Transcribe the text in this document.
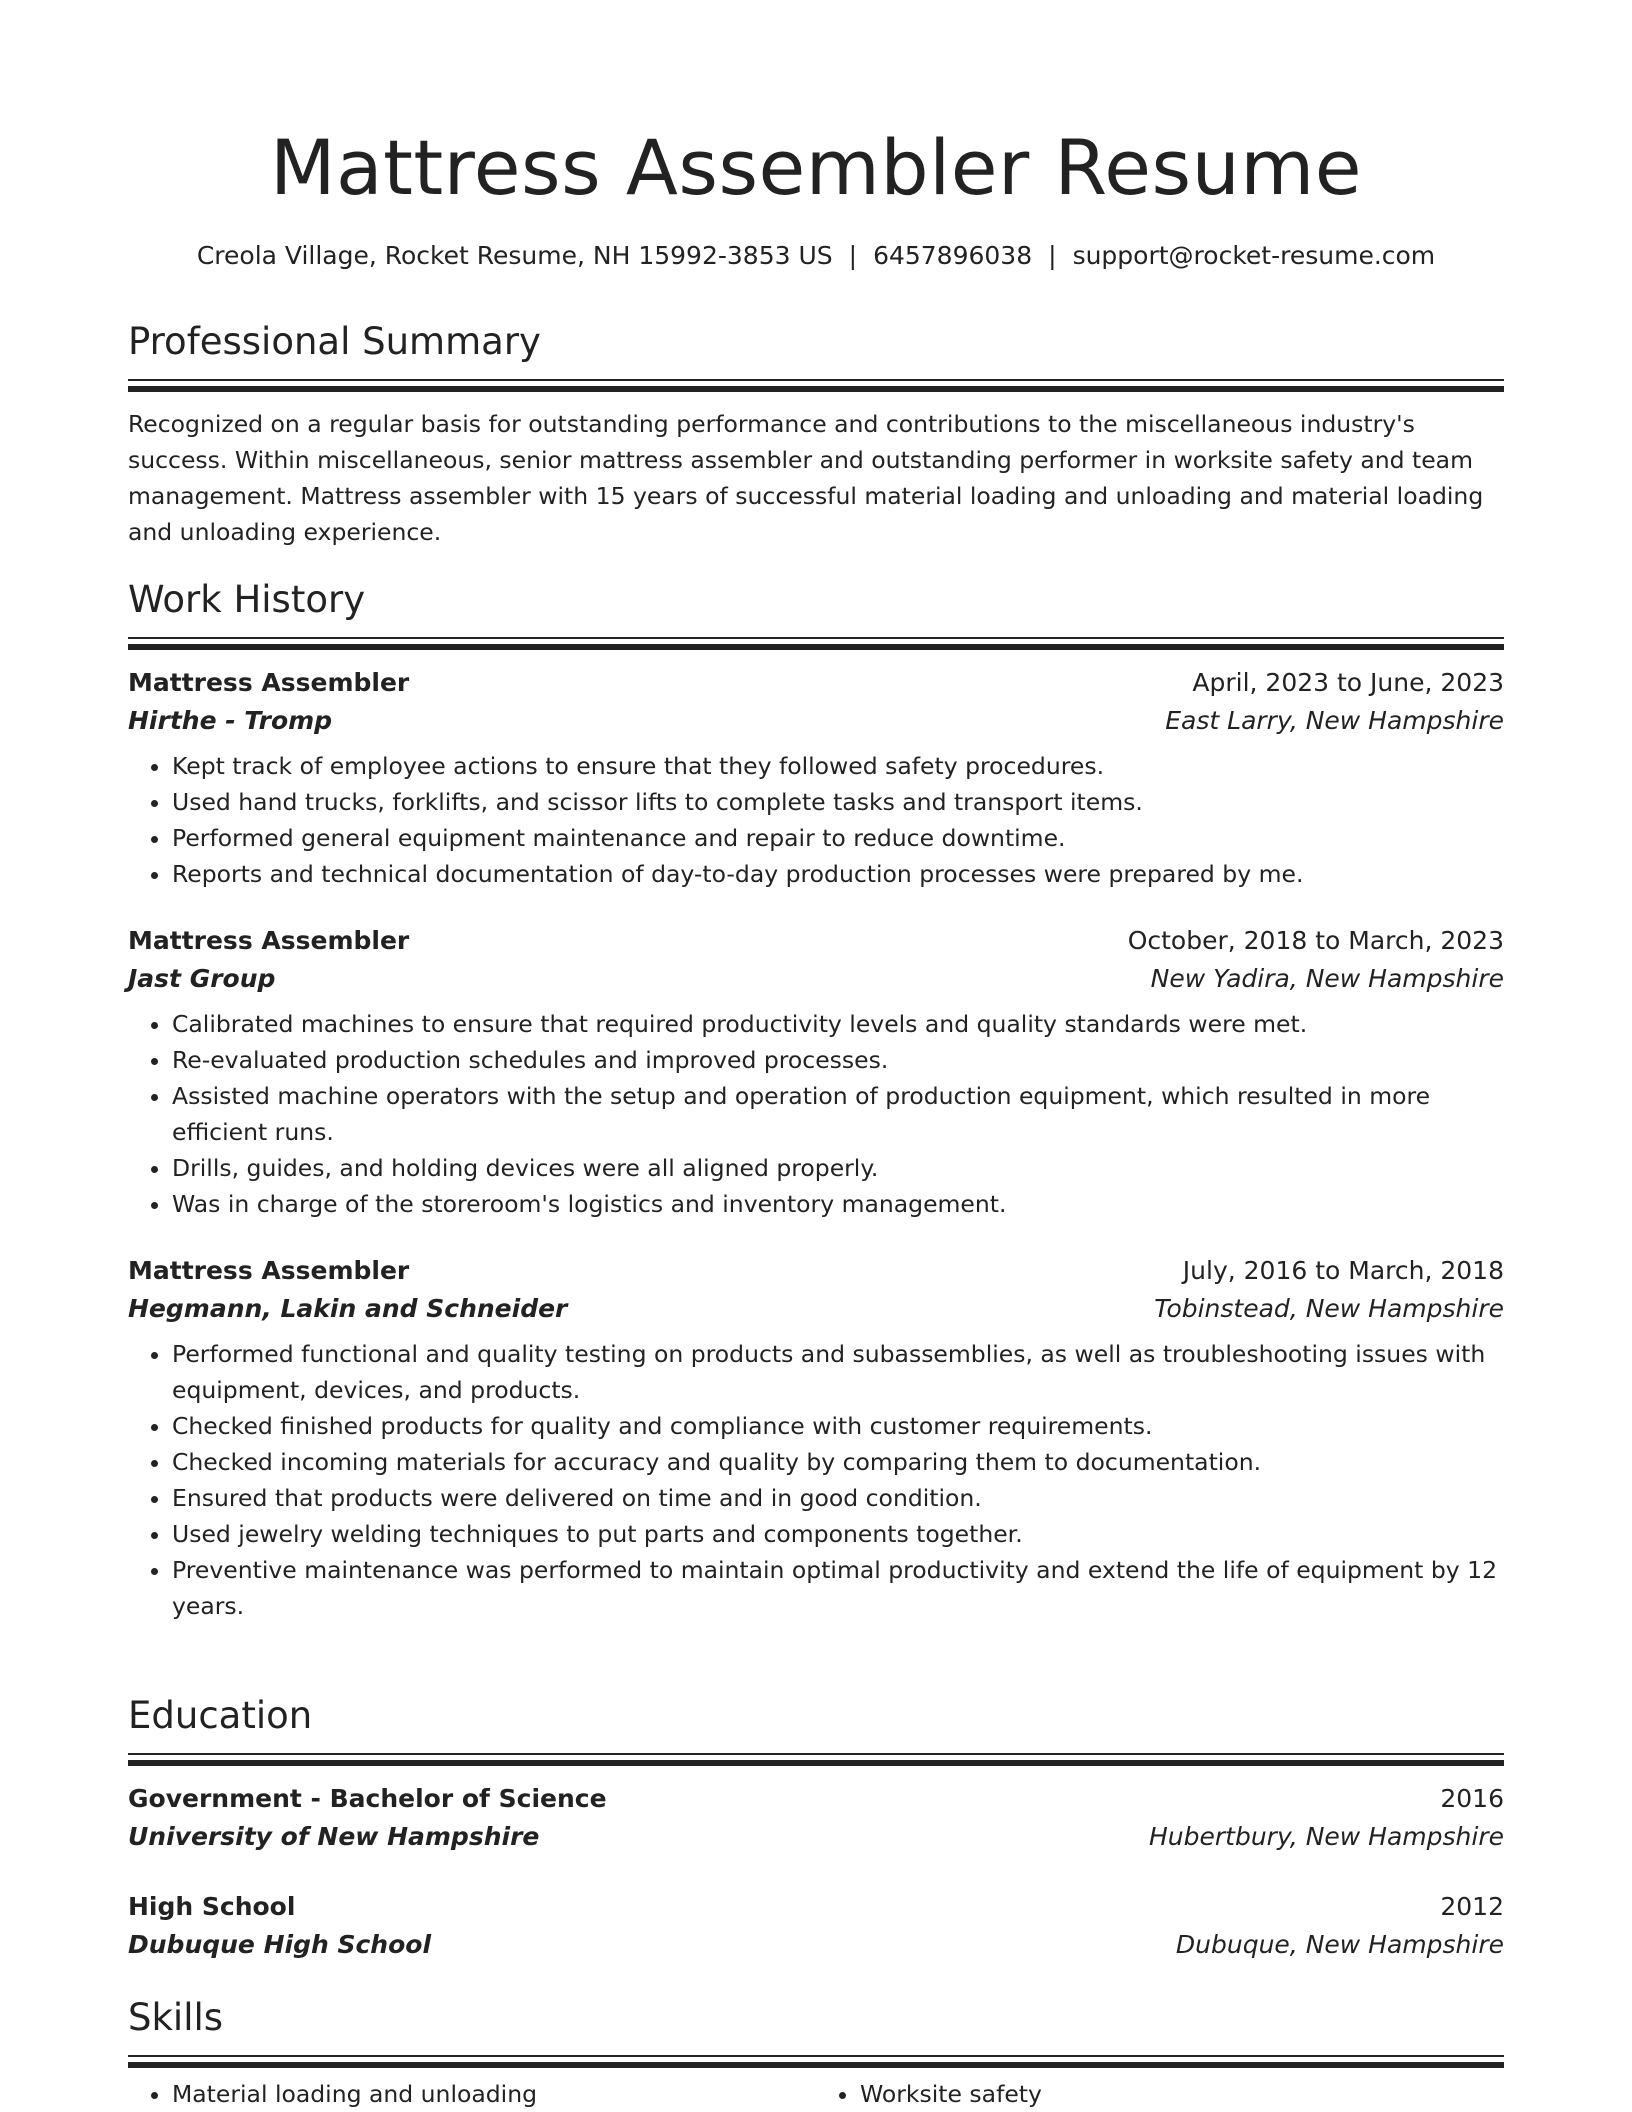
Mattress Assembler Resume
Creola Village, Rocket Resume, NH 15992-3853 US | 6457896038 | support@rocket-resume.com
Professional Summary
Recognized on a regular basis for outstanding performance and contributions to the miscellaneous industry's success. Within miscellaneous, senior mattress assembler and outstanding performer in worksite safety and team management. Mattress assembler with 15 years of successful material loading and unloading and material loading and unloading experience.
Work History
Mattress Assembler	April, 2023 to June, 2023
Hirthe - Tromp	East Larry, New Hampshire
• Kept track of employee actions to ensure that they followed safety procedures.
• Used hand trucks, forklifts, and scissor lifts to complete tasks and transport items.
• Performed general equipment maintenance and repair to reduce downtime.
• Reports and technical documentation of day-to-day production processes were prepared by me.
Mattress Assembler	October, 2018 to March, 2023
Jast Group	New Yadira, New Hampshire
• Calibrated machines to ensure that required productivity levels and quality standards were met.
• Re-evaluated production schedules and improved processes.
• Assisted machine operators with the setup and operation of production equipment, which resulted in more efficient runs.
• Drills, guides, and holding devices were all aligned properly.
• Was in charge of the storeroom's logistics and inventory management.
Mattress Assembler	July, 2016 to March, 2018
Hegmann, Lakin and Schneider	Tobinstead, New Hampshire
• Performed functional and quality testing on products and subassemblies, as well as troubleshooting issues with equipment, devices, and products.
• Checked finished products for quality and compliance with customer requirements.
• Checked incoming materials for accuracy and quality by comparing them to documentation.
• Ensured that products were delivered on time and in good condition.
• Used jewelry welding techniques to put parts and components together.
• Preventive maintenance was performed to maintain optimal productivity and extend the life of equipment by 12 years.
Education
Government - Bachelor of Science	2016
University of New Hampshire	Hubertbury, New Hampshire
High School	2012
Dubuque High School	Dubuque, New Hampshire
Skills
• Material loading and unloading
•	Worksite safety
